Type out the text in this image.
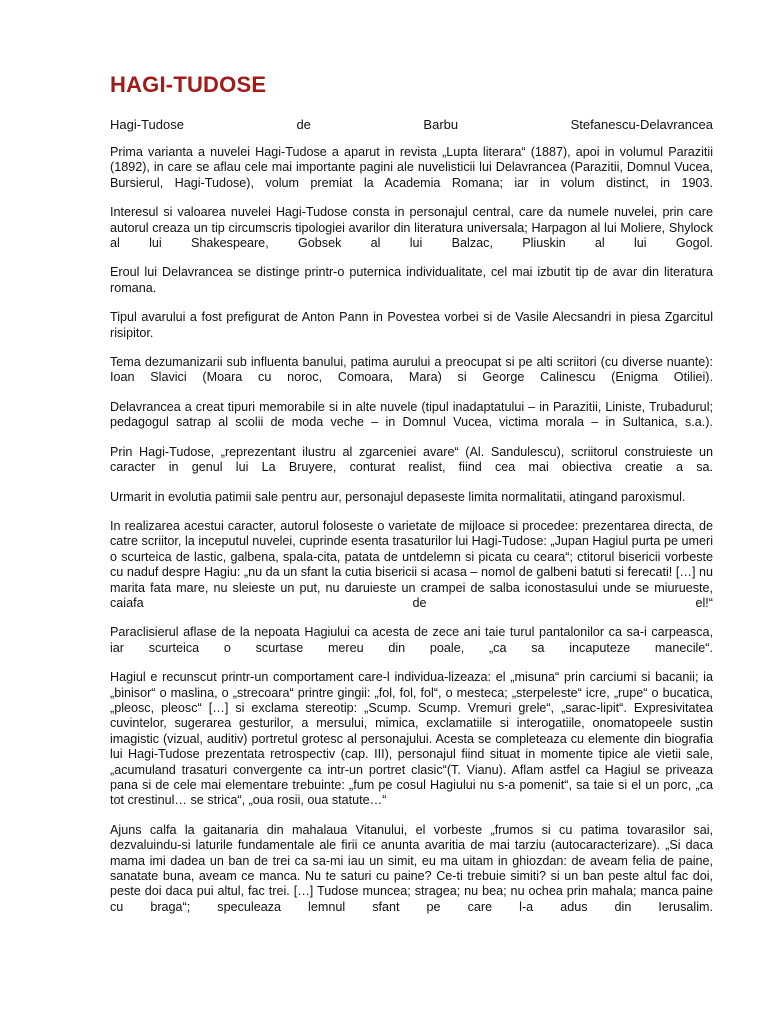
HAGI-TUDOSE
Hagi-Tudose	de	Barbu	Stefanescu-Delavrancea

Prima varianta a nuvelei Hagi-Tudose a aparut in revista „Lupta literara“ (1887), apoi in volumul Parazitii (1892), in care se aflau cele mai importante pagini ale nuvelisticii lui Delavrancea (Parazitii, Domnul Vucea, Bursierul, Hagi-Tudose), volum premiat la Academia Romana; iar in volum distinct, in 1903.

Interesul si valoarea nuvelei Hagi-Tudose consta in personajul central, care da numele nuvelei, prin care autorul creaza un tip circumscris tipologiei avarilor din literatura universala; Harpagon al lui Moliere, Shylock al lui Shakespeare, Gobsek al lui Balzac, Pliuskin al lui Gogol.

Eroul lui Delavrancea se distinge printr-o puternica individualitate, cel mai izbutit tip de avar din literatura romana.

Tipul avarului a fost prefigurat de Anton Pann in Povestea vorbei si de Vasile Alecsandri in piesa Zgarcitul risipitor.

Tema dezumanizarii sub influenta banului, patima aurului a preocupat si pe alti scriitori (cu diverse nuante): Ioan Slavici (Moara cu noroc, Comoara, Mara) si George Calinescu (Enigma Otiliei).

Delavrancea a creat tipuri memorabile si in alte nuvele (tipul inadaptatului – in Parazitii, Liniste, Trubadurul; pedagogul satrap al scolii de moda veche – in Domnul Vucea, victima morala – in Sultanica, s.a.).

Prin Hagi-Tudose, „reprezentant ilustru al zgarceniei avare“ (Al. Sandulescu), scriitorul construieste un caracter in genul lui La Bruyere, conturat realist, fiind cea mai obiectiva creatie a sa.

Urmarit in evolutia patimii sale pentru aur, personajul depaseste limita normalitatii, atingand paroxismul.

In realizarea acestui caracter, autorul foloseste o varietate de mijloace si procedee: prezentarea directa, de catre scriitor, la inceputul nuvelei, cuprinde esenta trasaturilor lui Hagi-Tudose: „Jupan Hagiul purta pe umeri o scurteica de lastic, galbena, spala-cita, patata de untdelemn si picata cu ceara“; ctitorul bisericii vorbeste cu naduf despre Hagiu: „nu da un sfant la cutia bisericii si acasa – nomol de galbeni batuti si ferecati! […] nu marita fata mare, nu sleieste un put, nu daruieste un crampei de salba iconostasului unde se miurueste, caiafa de el!“

Paraclisierul aflase de la nepoata Hagiului ca acesta de zece ani taie turul pantalonilor ca sa-i carpeasca, iar scurteica o scurtase mereu din poale, „ca sa incaputeze manecile“.

Hagiul e recunscut printr-un comportament care-l individua-lizeaza: el „misuna“ prin carciumi si bacanii; ia „binisor“ o maslina, o „strecoara“ printre gingii: „fol, fol, fol“, o mesteca; „sterpeleste“ icre, „rupe“ o bucatica, „pleosc, pleosc“ […] si exclama stereotip: „Scump. Scump. Vremuri grele“, „sarac-lipit“. Expresivitatea cuvintelor, sugerarea gesturilor, a mersului, mimica, exclamatiile si interogatiile, onomatopeele sustin imagistic (vizual, auditiv) portretul grotesc al personajului. Acesta se completeaza cu elemente din biografia lui Hagi-Tudose prezentata retrospectiv (cap. III), personajul fiind situat in momente tipice ale vietii sale, „acumuland trasaturi convergente ca intr-un portret clasic“(T. Vianu). Aflam astfel ca Hagiul se priveaza pana si de cele mai elementare trebuinte: „fum pe cosul Hagiului nu s-a pomenit“, sa taie si el un porc, „ca tot crestinul… se strica“, „oua rosii, oua statute…“

Ajuns calfa la gaitanaria din mahalaua Vitanului, el vorbeste „frumos si cu patima tovarasilor sai, dezvaluindu-si laturile fundamentale ale firii ce anunta avaritia de mai tarziu (autocaracterizare). „Si daca mama imi dadea un ban de trei ca sa-mi iau un simit, eu ma uitam in ghiozdan: de aveam felia de paine, sanatate buna, aveam ce manca. Nu te saturi cu paine? Ce-ti trebuie simiti? si un ban peste altul fac doi, peste doi daca pui altul, fac trei. […] Tudose muncea; stragea; nu bea; nu ochea prin mahala; manca paine cu braga“; speculeaza lemnul sfant pe care l-a adus din Ierusalim.
